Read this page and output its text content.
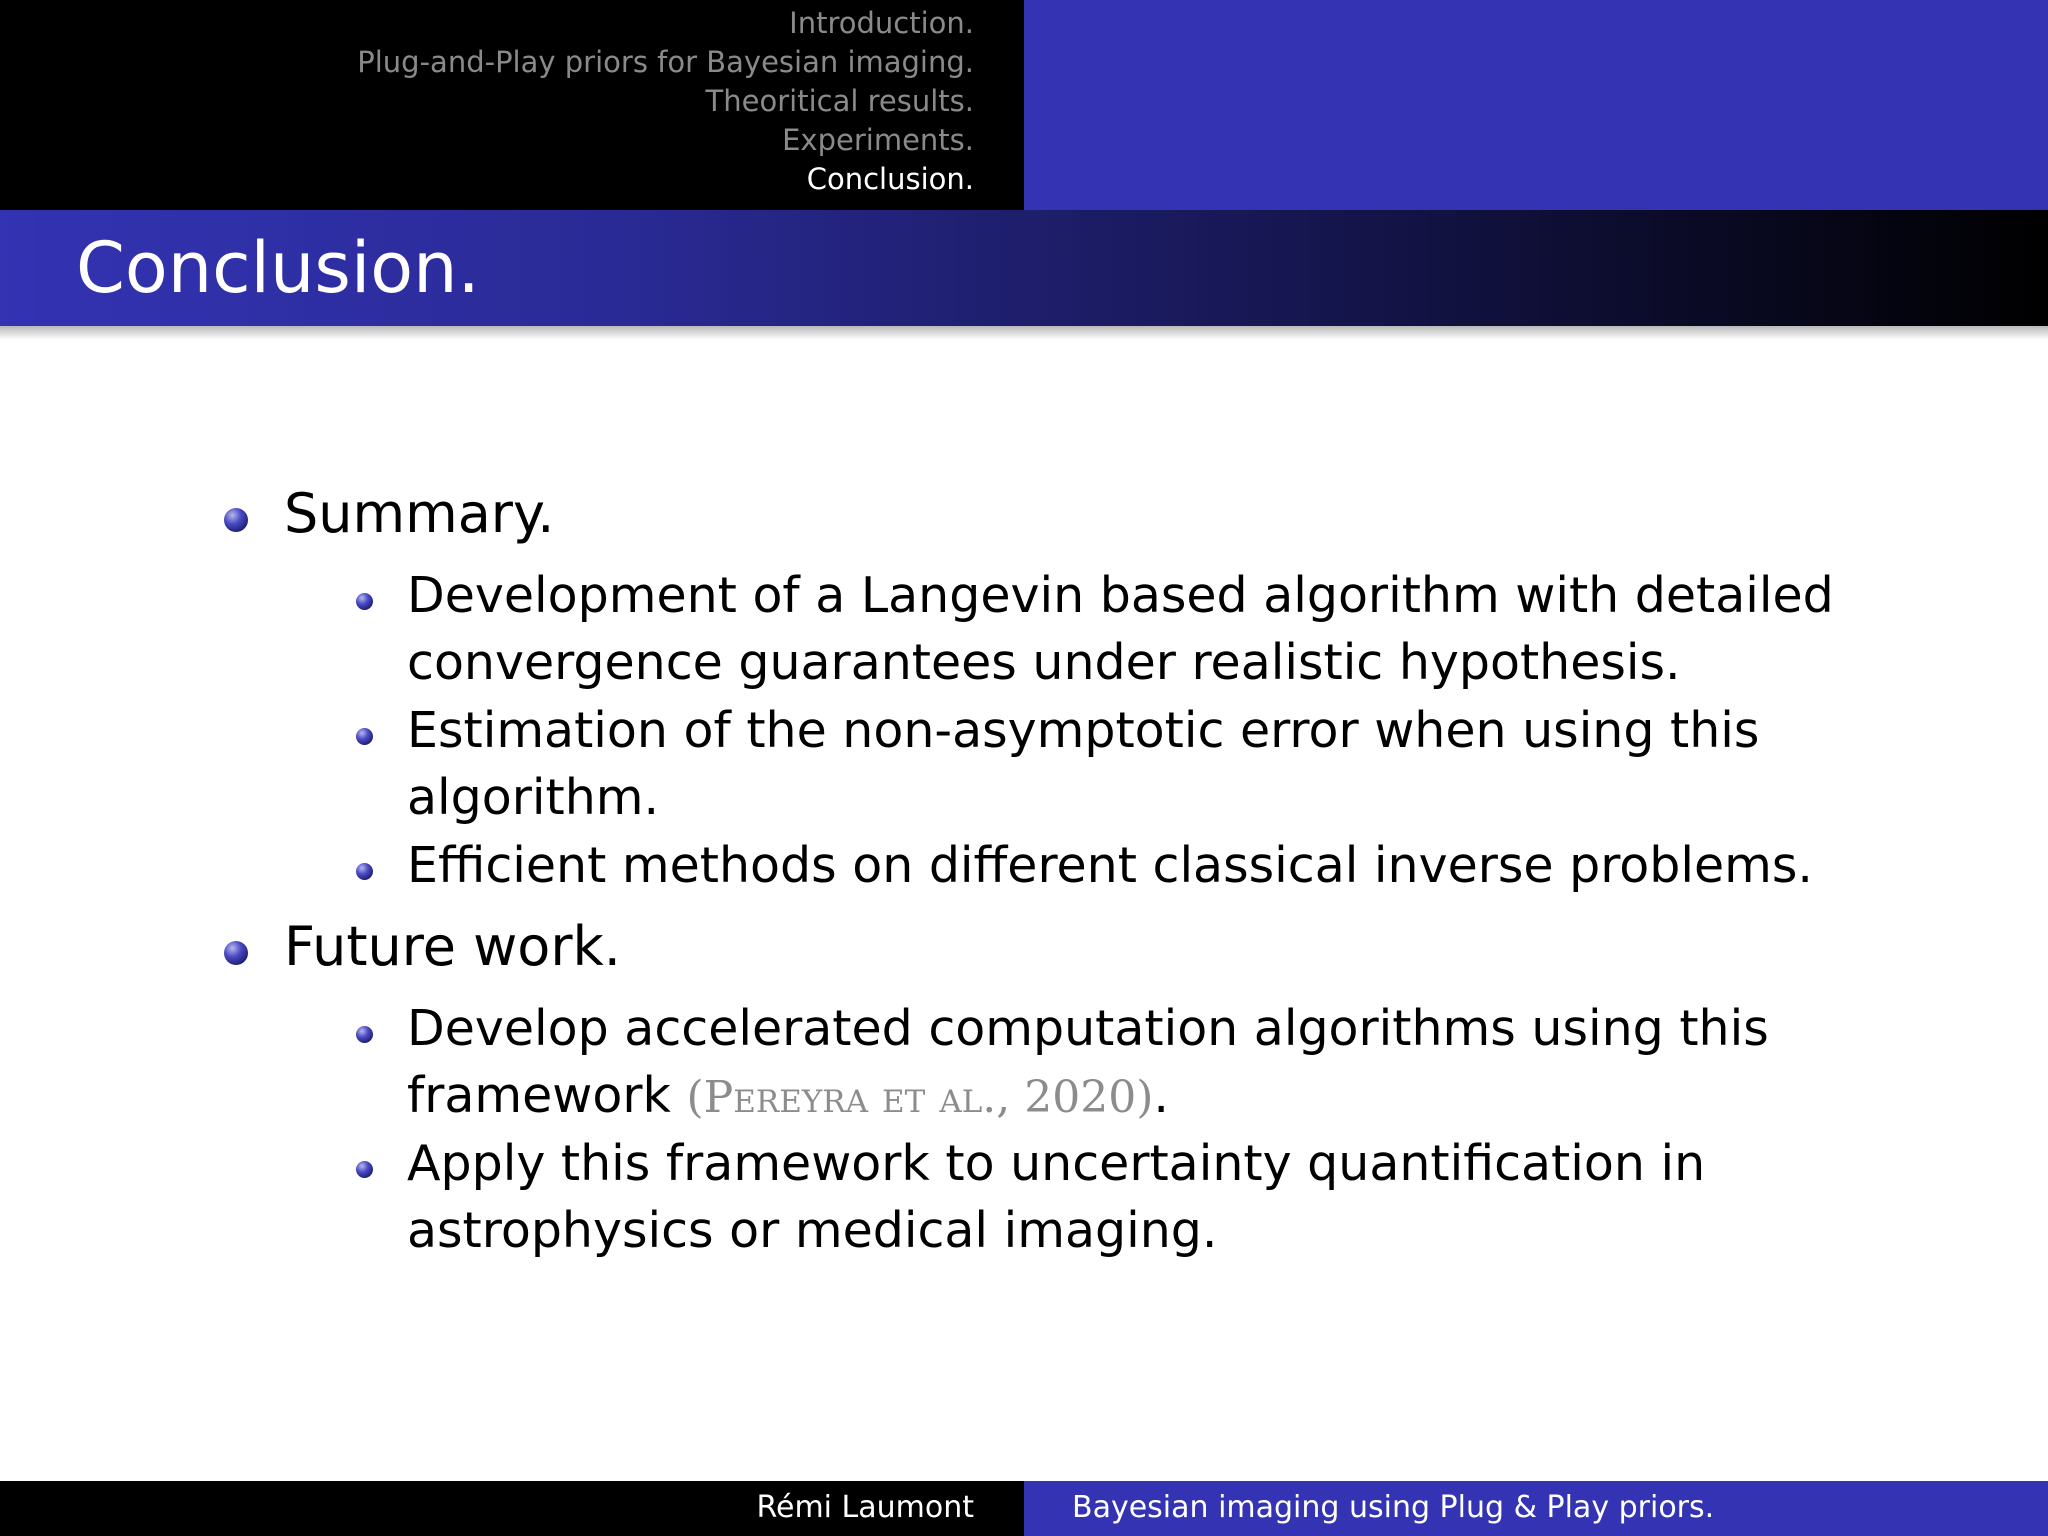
Introduction.
Plug-and-Play priors for Bayesian imaging.
Theoritical results.
Experiments.
Conclusion.
Conclusion.
Summary.
Development of a Langevin based algorithm with detailed
convergence guarantees under realistic hypothesis.
Estimation of the non-asymptotic error when using this
algorithm.
Efficient methods on different classical inverse problems.
Future work.
Develop accelerated computation algorithms using this
framework (Pereyra et al., 2020).
Apply this framework to uncertainty quantification in
astrophysics or medical imaging.
Rémi Laumont	Bayesian imaging using Plug & Play priors.
